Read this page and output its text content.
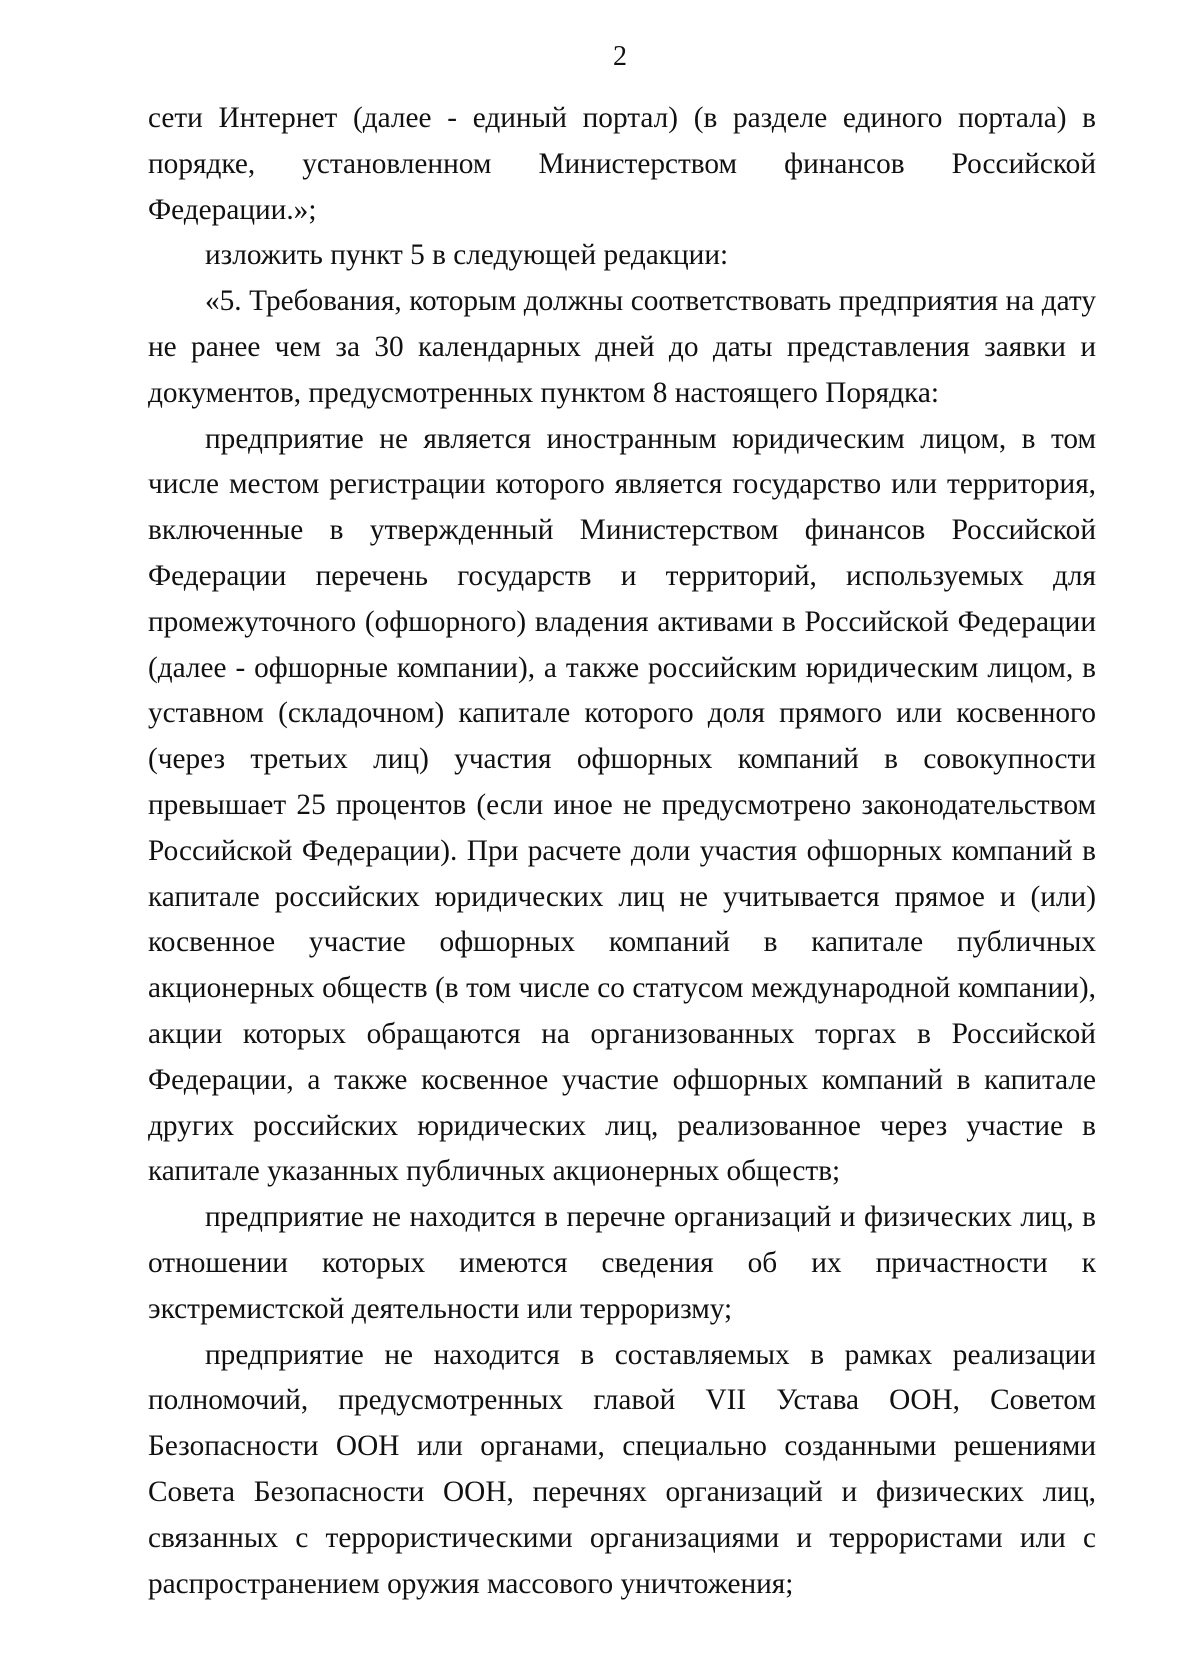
2

сети Интернет (далее - единый портал) (в разделе единого портала) в порядке, установленном Министерством финансов Российской Федерации.»;

изложить пункт 5 в следующей редакции:

«5. Требования, которым должны соответствовать предприятия на дату не ранее чем за 30 календарных дней до даты представления заявки и документов, предусмотренных пунктом 8 настоящего Порядка:

предприятие не является иностранным юридическим лицом, в том числе местом регистрации которого является государство или территория, включенные в утвержденный Министерством финансов Российской Федерации перечень государств и территорий, используемых для промежуточного (офшорного) владения активами в Российской Федерации (далее - офшорные компании), а также российским юридическим лицом, в уставном (складочном) капитале которого доля прямого или косвенного (через третьих лиц) участия офшорных компаний в совокупности превышает 25 процентов (если иное не предусмотрено законодательством Российской Федерации). При расчете доли участия офшорных компаний в капитале российских юридических лиц не учитывается прямое и (или) косвенное участие офшорных компаний в капитале публичных акционерных обществ (в том числе со статусом международной компании), акции которых обращаются на организованных торгах в Российской Федерации, а также косвенное участие офшорных компаний в капитале других российских юридических лиц, реализованное через участие в капитале указанных публичных акционерных обществ;

предприятие не находится в перечне организаций и физических лиц, в отношении которых имеются сведения об их причастности к экстремистской деятельности или терроризму;

предприятие не находится в составляемых в рамках реализации полномочий, предусмотренных главой VII Устава ООН, Советом Безопасности ООН или органами, специально созданными решениями Совета Безопасности ООН, перечнях организаций и физических лиц, связанных с террористическими организациями и террористами или с распространением оружия массового уничтожения;
